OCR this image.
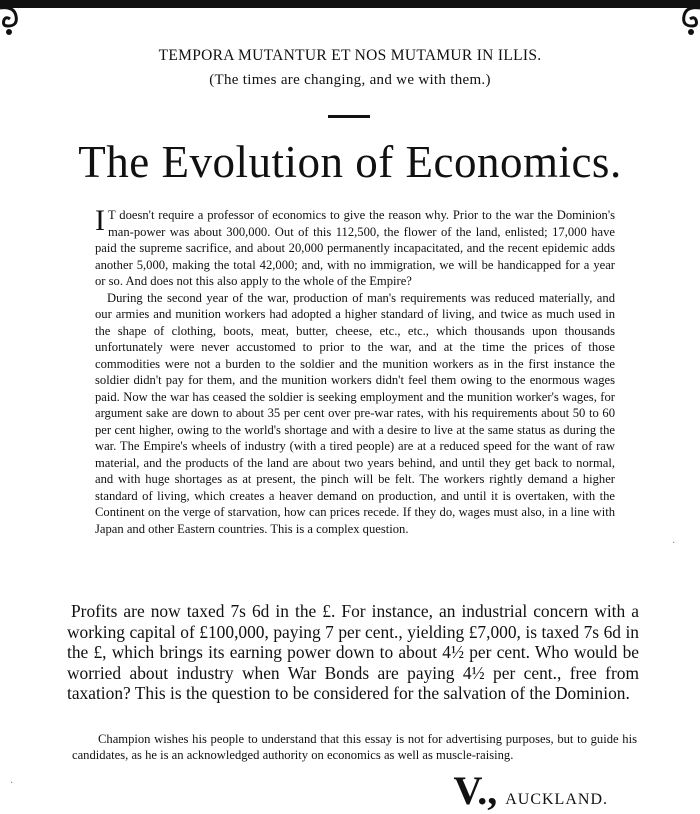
TEMPORA MUTANTUR ET NOS MUTAMUR IN ILLIS.
(The times are changing, and we with them.)
The Evolution of Economics.

I T doesn't require a professor of economics to give the reason why. Prior to the war the Dominion's man-power was about 300,000. Out of this 112,500, the flower of the land, enlisted; 17,000 have paid the supreme sacrifice, and about 20,000 permanently incapacitated, and the recent epidemic adds another 5,000, making the total 42,000; and, with no immigration, we will be handicapped for a year or so. And does not this also apply to the whole of the Empire?

During the second year of the war, production of man's requirements was reduced materially, and our armies and munition workers had adopted a higher standard of living, and twice as much used in the shape of clothing, boots, meat, butter, cheese, etc., etc., which thousands upon thousands unfortunately were never accustomed to prior to the war, and at the time the prices of those commodities were not a burden to the soldier and the munition workers as in the first instance the soldier didn't pay for them, and the munition workers didn't feel them owing to the enormous wages paid. Now the war has ceased the soldier is seeking employment and the munition worker's wages, for argument sake are down to about 35 per cent over pre-war rates, with his requirements about 50 to 60 per cent higher, owing to the world's shortage and with a desire to live at the same status as during the war. The Empire's wheels of industry (with a tired people) are at a reduced speed for the want of raw material, and the products of the land are about two years behind, and until they get back to normal, and with huge shortages as at present, the pinch will be felt. The workers rightly demand a higher standard of living, which creates a heaver demand on production, and until it is overtaken, with the Continent on the verge of starvation, how can prices recede. If they do, wages must also, in a line with Japan and other Eastern countries. This is a complex question.

Profits are now taxed 7s 6d in the £. For instance, an industrial concern with a working capital of £100,000, paying 7 per cent., yielding £7,000, is taxed 7s 6d in the £, which brings its earning power down to about 4½ per cent. Who would be worried about industry when War Bonds are paying 4½ per cent., free from taxation? This is the question to be considered for the salvation of the Dominion.

Champion wishes his people to understand that this essay is not for advertising purposes, but to guide his candidates, as he is an acknowledged authority on economics as well as muscle-raising.

V., AUCKLAND.
·
·
